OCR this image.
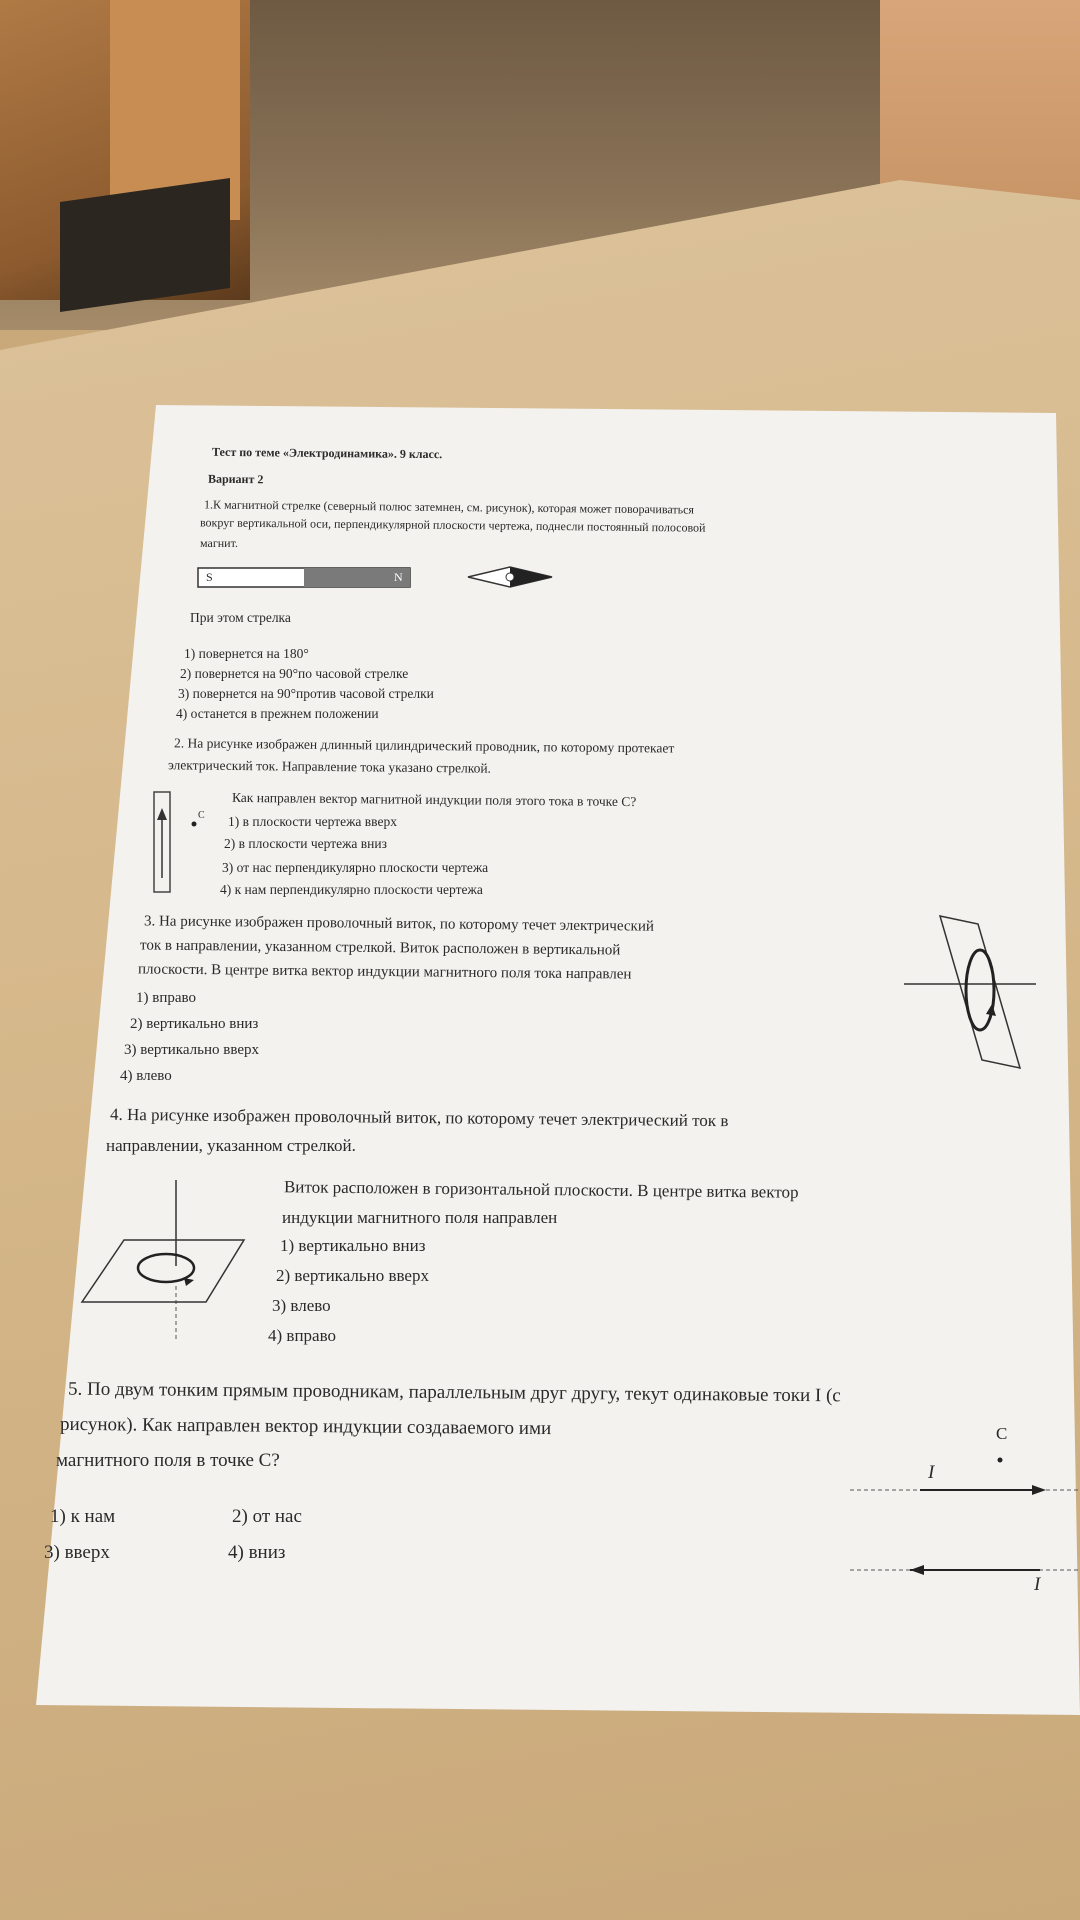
Тест по теме «Электродинамика». 9 класс.
Вариант 2
1.К магнитной стрелке (северный полюс затемнен, см. рисунок), которая может поворачиваться
вокруг вертикальной оси, перпендикулярной плоскости чертежа, поднесли постоянный полосовой
магнит.
S	N
При этом стрелка
1) повернется на 180°
2) повернется на 90°по часовой стрелке
3) повернется на 90°против часовой стрелки
4) останется в прежнем положении
2. На рисунке изображен длинный цилиндрический проводник, по которому протекает
электрический ток. Направление тока указано стрелкой.
C
Как направлен вектор магнитной индукции поля этого тока в точке C?
1) в плоскости чертежа вверх
2) в плоскости чертежа вниз
3) от нас перпендикулярно плоскости чертежа
4) к нам перпендикулярно плоскости чертежа
3. На рисунке изображен проволочный виток, по которому течет электрический
ток в направлении, указанном стрелкой. Виток расположен в вертикальной
плоскости. В центре витка вектор индукции магнитного поля тока направлен
1) вправо
2) вертикально вниз
3) вертикально вверх
4) влево
4. На рисунке изображен проволочный виток, по которому течет электрический ток в
направлении, указанном стрелкой.
Виток расположен в горизонтальной плоскости. В центре витка вектор
индукции магнитного поля направлен
1) вертикально вниз
2) вертикально вверх
3) влево
4) вправо
5. По двум тонким прямым проводникам, параллельным друг другу, текут одинаковые токи I (с
рисунок). Как направлен вектор индукции создаваемого ими
магнитного поля в точке C?
1) к нам	2) от нас
3) вверх	4) вниз
C
I
I
